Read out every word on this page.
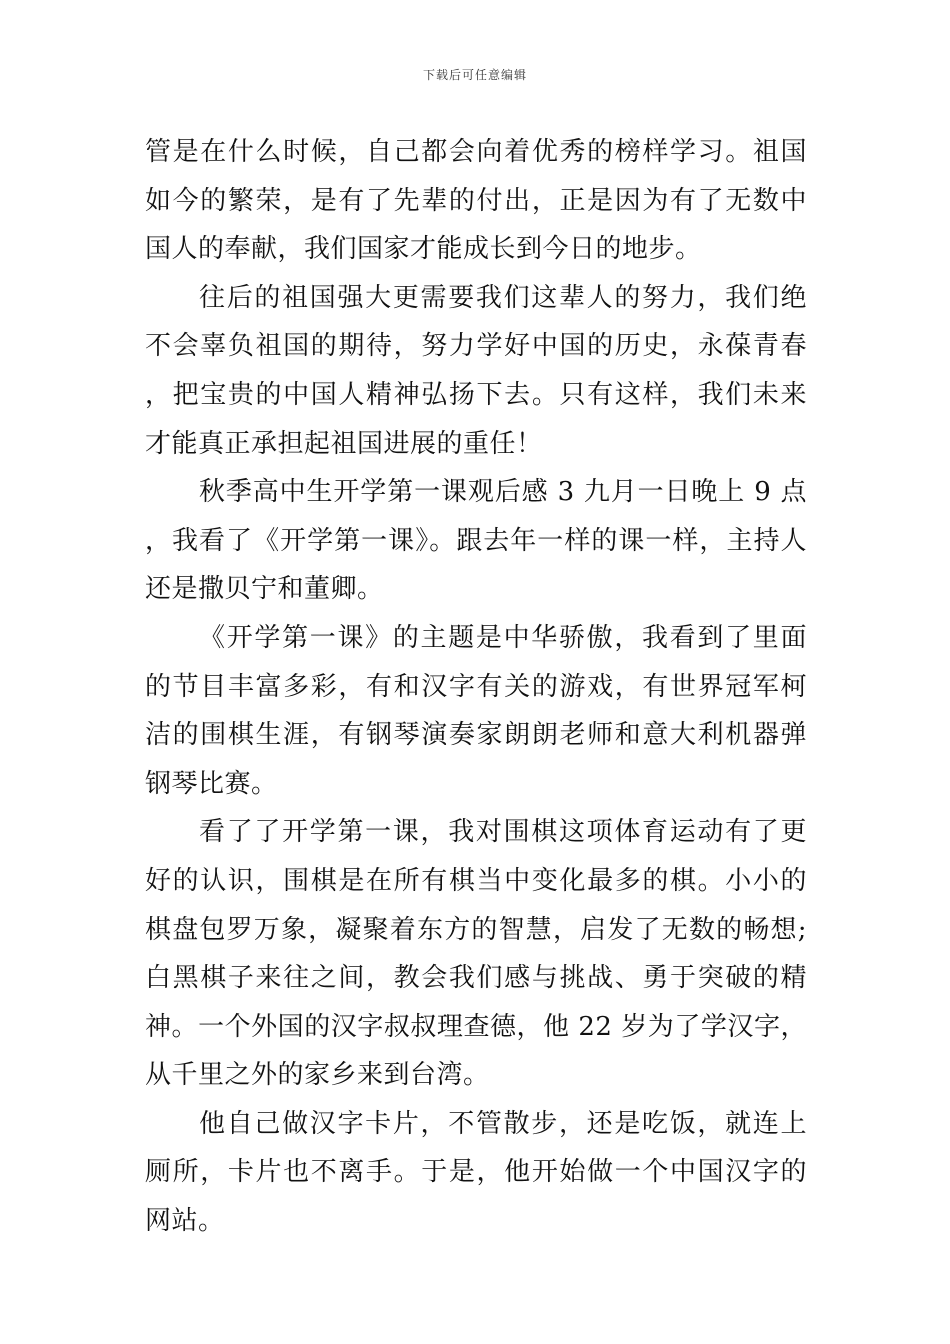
下载后可任意编辑

管是在什么时候，自己都会向着优秀的榜样学习。祖国如今的繁荣，是有了先辈的付出，正是因为有了无数中国人的奉献，我们国家才能成长到今日的地步。

往后的祖国强大更需要我们这辈人的努力，我们绝不会辜负祖国的期待，努力学好中国的历史，永葆青春，把宝贵的中国人精神弘扬下去。只有这样，我们未来才能真正承担起祖国进展的重任！

秋季高中生开学第一课观后感 3 九月一日晚上 9 点，我看了《开学第一课》。跟去年一样的课一样，主持人还是撒贝宁和董卿。

《开学第一课》的主题是中华骄傲，我看到了里面的节目丰富多彩，有和汉字有关的游戏，有世界冠军柯洁的围棋生涯，有钢琴演奏家朗朗老师和意大利机器弹钢琴比赛。

看了了开学第一课，我对围棋这项体育运动有了更好的认识，围棋是在所有棋当中变化最多的棋。小小的棋盘包罗万象，凝聚着东方的智慧，启发了无数的畅想;白黑棋子来往之间，教会我们感与挑战、勇于突破的精神。一个外国的汉字叔叔理查德，他 22 岁为了学汉字，从千里之外的家乡来到台湾。

他自己做汉字卡片，不管散步，还是吃饭，就连上厕所，卡片也不离手。于是，他开始做一个中国汉字的网站。
